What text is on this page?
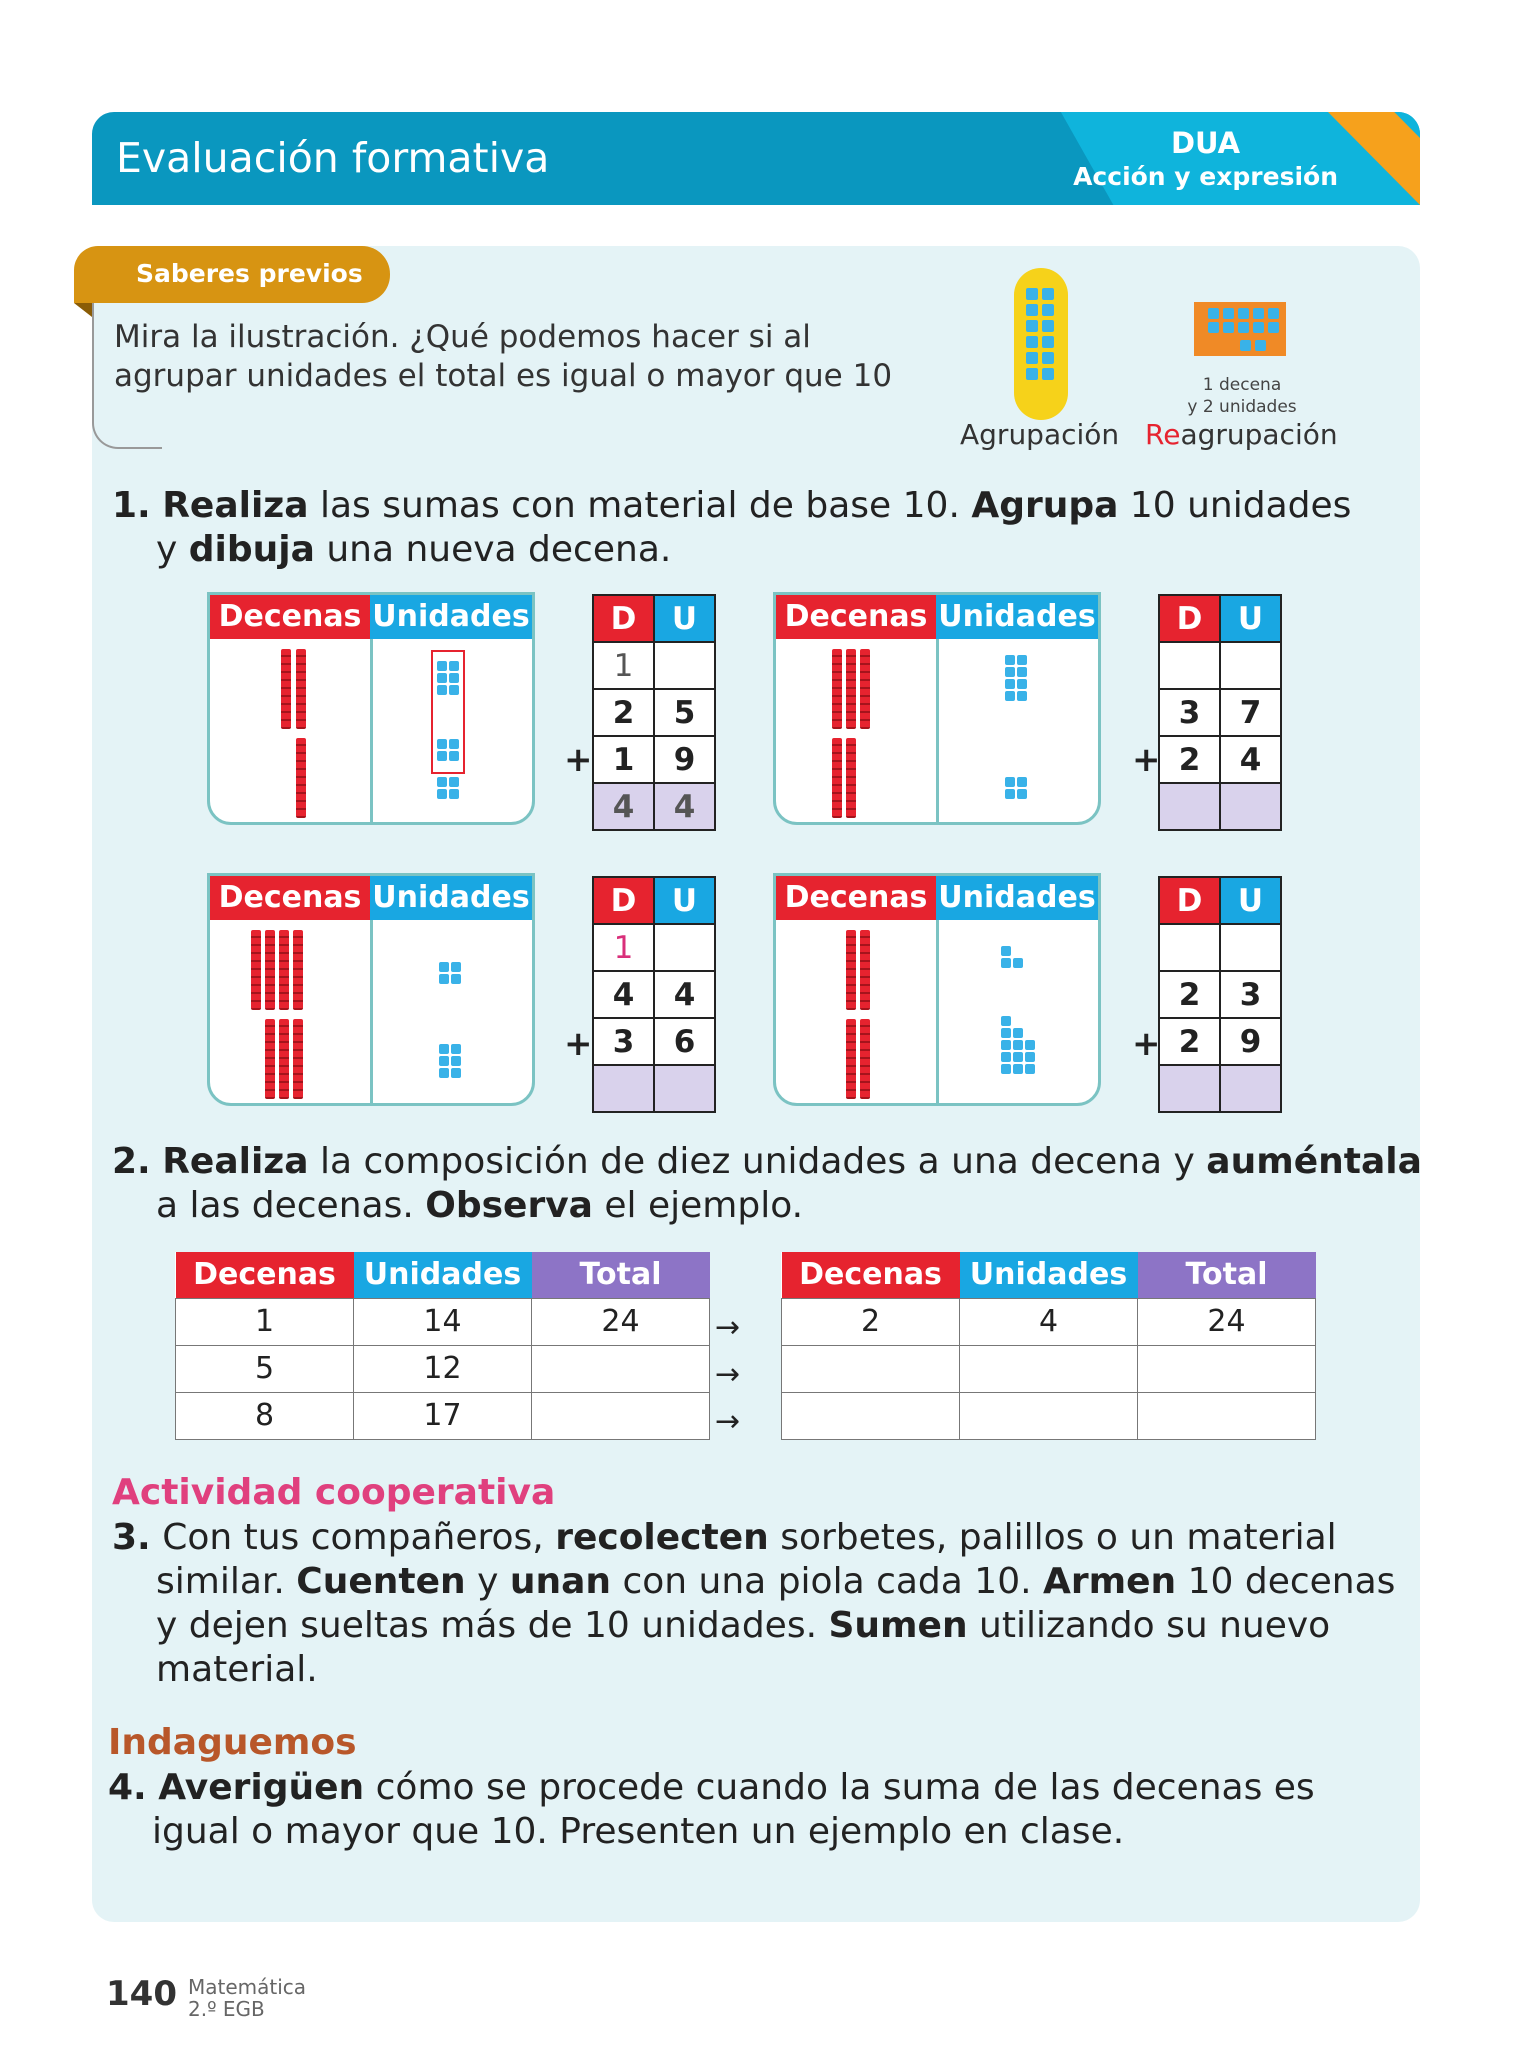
Evaluación formativa	DUA
Acción y expresión
Saberes previos
Mira la ilustración. ¿Qué podemos hacer si al
agrupar unidades el total es igual o mayor que 10	1 decena
y 2 unidades
Agrupación Reagrupación
1. Realiza las sumas con material de base 10. Agrupa 10 unidades
y dibuja una nueva decena.
Decenas Unidades	D	U
1	
2	5
1	9
4	4
+
Decenas Unidades	D	U

3	7
2	4

+
Decenas Unidades	D	U
1	
4	4
3	6

+
Decenas Unidades	D	U

2	3
2	9

+
2. Realiza la composición de diez unidades a una decena y auméntala
a las decenas. Observa el ejemplo.
Decenas	Unidades	Total
1	14	24
5	12	
8	17	
→
→
→
Decenas	Unidades	Total
2	4	24

Actividad cooperativa
3. Con tus compañeros, recolecten sorbetes, palillos o un material
similar. Cuenten y unan con una piola cada 10. Armen 10 decenas
y dejen sueltas más de 10 unidades. Sumen utilizando su nuevo
material.
Indaguemos
4. Averigüen cómo se procede cuando la suma de las decenas es
igual o mayor que 10. Presenten un ejemplo en clase.
140 Matemática
2.º EGB
